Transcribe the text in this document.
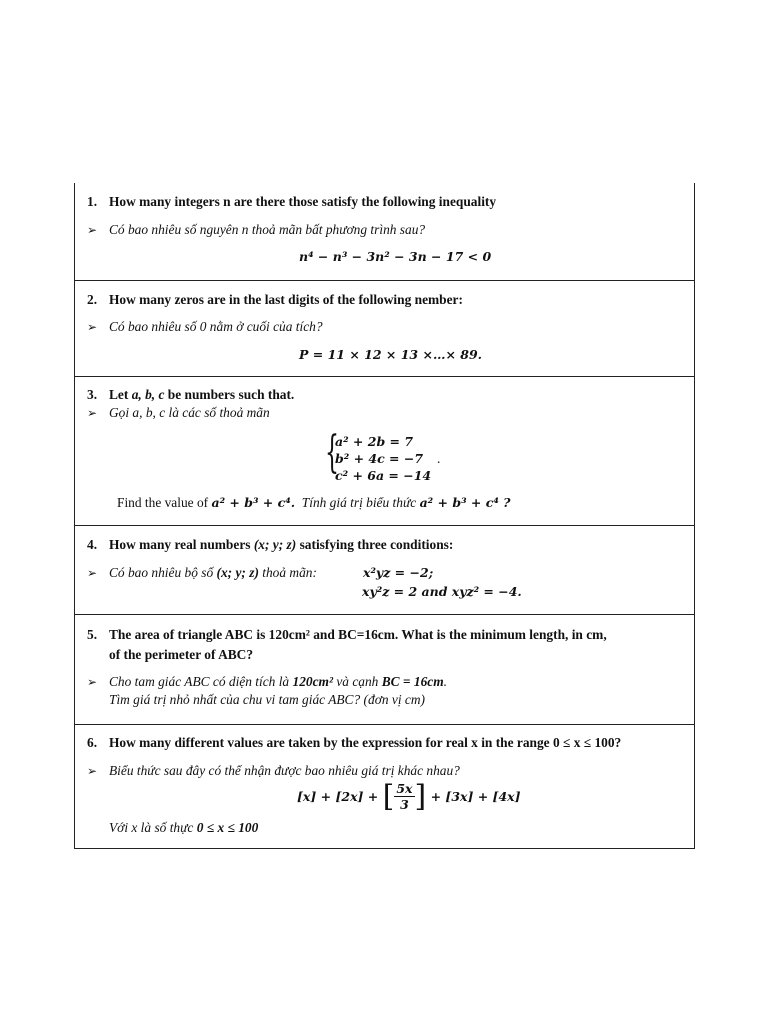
1. How many integers n are there those satisfy the following inequality
➢ Có bao nhiêu số nguyên n thoả mãn bất phương trình sau?
n⁴ − n³ − 3n² − 3n − 17 < 0
2. How many zeros are in the last digits of the following nember:
➢ Có bao nhiêu số 0 nằm ở cuối của tích?
P = 11 × 12 × 13 ×…× 89.
3. Let a, b, c be numbers such that.
➢ Gọi a, b, c là các số thoả mãn
{
a² + 2b = 7
b² + 4c = −7
c² + 6a = −14
.
Find the value of a² + b³ + c⁴. Tính giá trị biểu thức a² + b³ + c⁴ ?
4. How many real numbers (x; y; z) satisfying three conditions:
➢ Có bao nhiêu bộ số (x; y; z) thoả mãn:	x²yz = −2;
xy²z = 2 and xyz² = −4.
5. The area of triangle ABC is 120cm² and BC=16cm. What is the minimum length, in cm,
of the perimeter of ABC?
➢ Cho tam giác ABC có diện tích là 120cm² và cạnh BC = 16cm.
Tìm giá trị nhỏ nhất của chu vi tam giác ABC? (đơn vị cm)
6. How many different values are taken by the expression for real x in the range 0 ≤ x ≤ 100?
➢ Biểu thức sau đây có thể nhận được bao nhiêu giá trị khác nhau?
[x] + [2x] + [ $\frac{5x}{3}$ ] + [3x] + [4x]
Với x là số thực 0 ≤ x ≤ 100
